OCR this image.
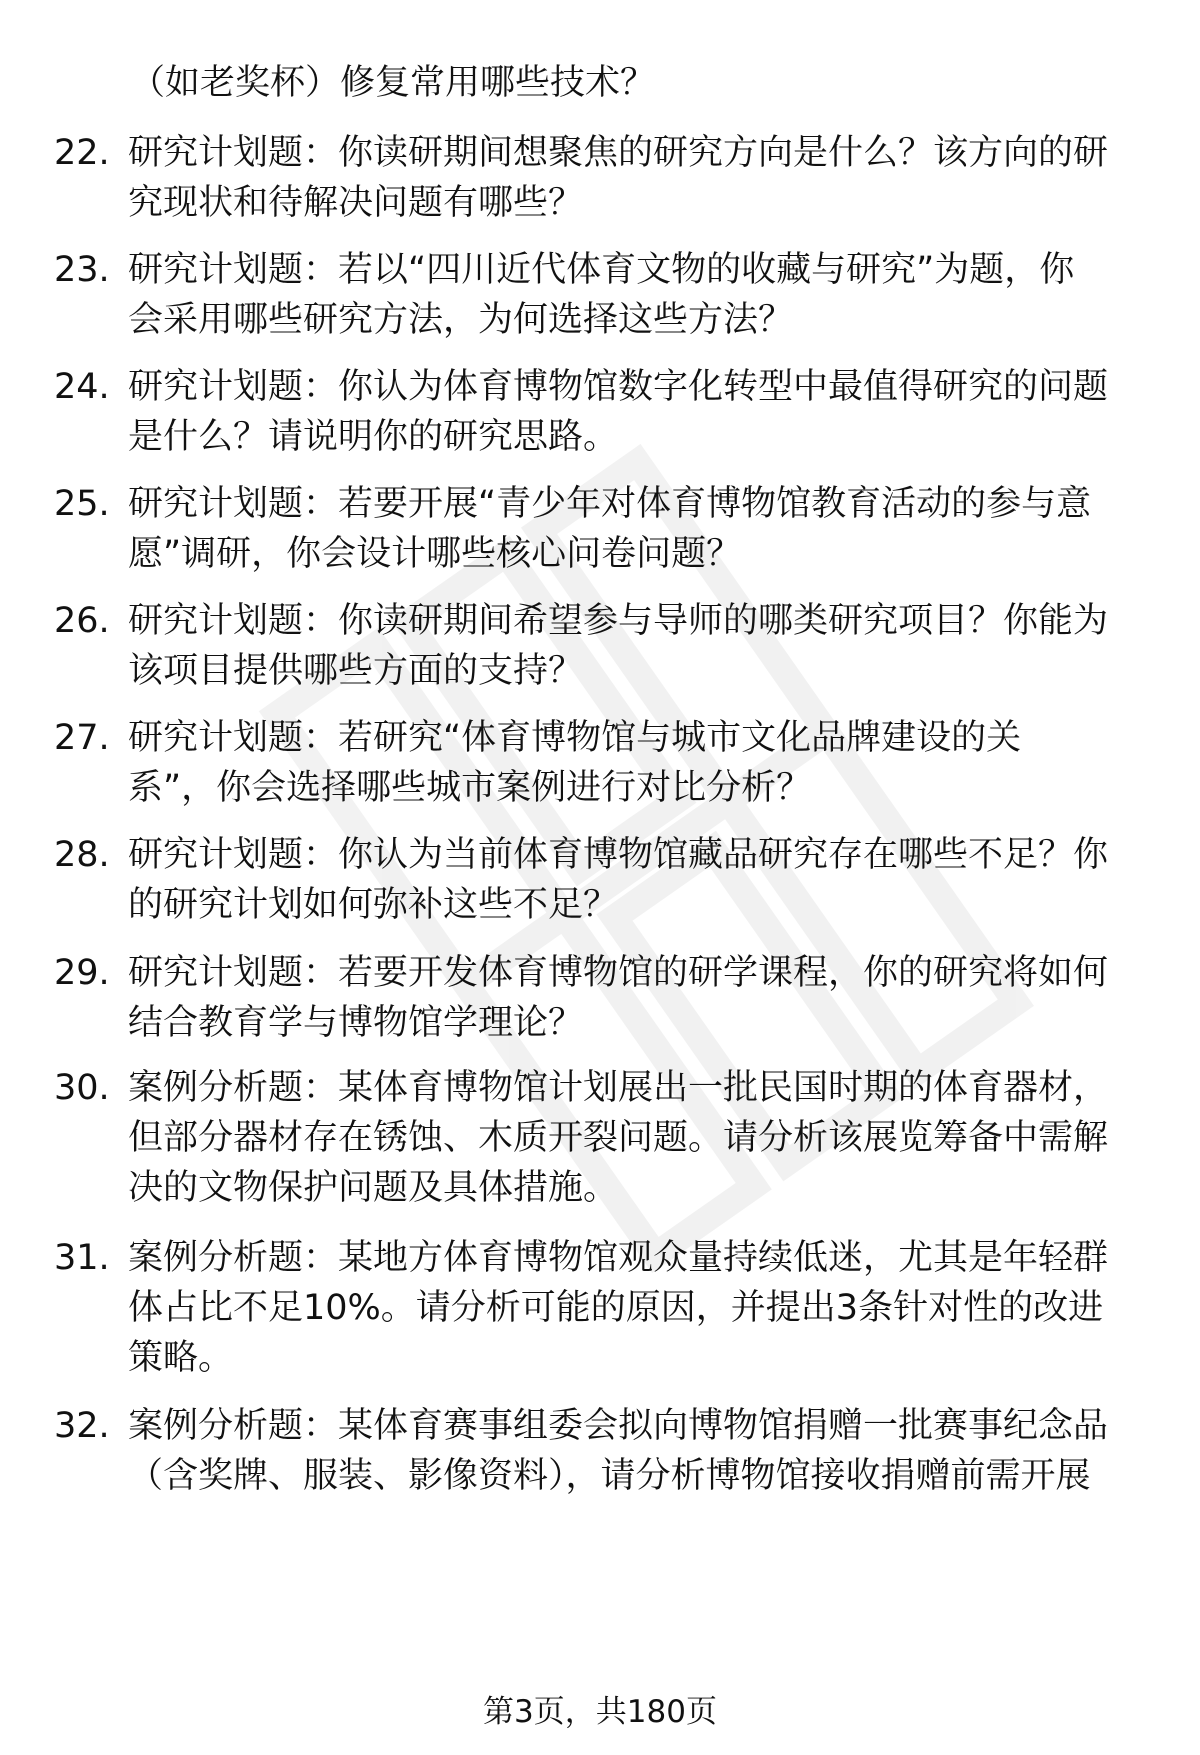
（如老奖杯）修复常用哪些技术？
22. 研究计划题：你读研期间想聚焦的研究方向是什么？该方向的研
究现状和待解决问题有哪些？
23. 研究计划题：若以“四川近代体育文物的收藏与研究”为题，你
会采用哪些研究方法，为何选择这些方法？
24. 研究计划题：你认为体育博物馆数字化转型中最值得研究的问题
是什么？请说明你的研究思路。
25. 研究计划题：若要开展“青少年对体育博物馆教育活动的参与意
愿”调研，你会设计哪些核心问卷问题？
26. 研究计划题：你读研期间希望参与导师的哪类研究项目？你能为
该项目提供哪些方面的支持？
27. 研究计划题：若研究“体育博物馆与城市文化品牌建设的关
系”，你会选择哪些城市案例进行对比分析？
28. 研究计划题：你认为当前体育博物馆藏品研究存在哪些不足？你
的研究计划如何弥补这些不足？
29. 研究计划题：若要开发体育博物馆的研学课程，你的研究将如何
结合教育学与博物馆学理论？
30. 案例分析题：某体育博物馆计划展出一批民国时期的体育器材，
但部分器材存在锈蚀、木质开裂问题。请分析该展览筹备中需解
决的文物保护问题及具体措施。
31. 案例分析题：某地方体育博物馆观众量持续低迷，尤其是年轻群
体占比不足10%。请分析可能的原因，并提出3条针对性的改进
策略。
32. 案例分析题：某体育赛事组委会拟向博物馆捐赠一批赛事纪念品
（含奖牌、服装、影像资料），请分析博物馆接收捐赠前需开展
第3页，共180页
